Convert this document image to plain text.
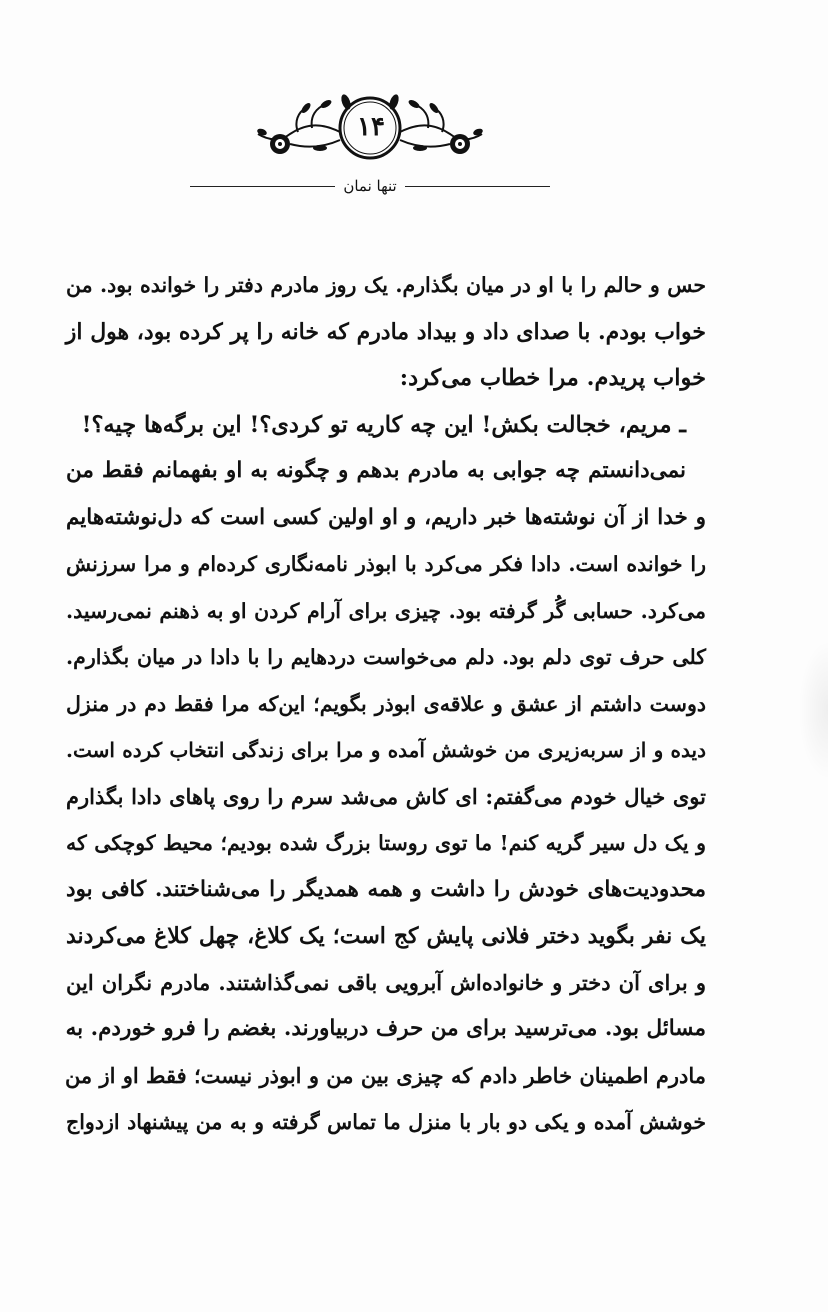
۱۴
تنها نمان
حس و حالم را با او در میان بگذارم. یک روز مادرم دفتر را خوانده بود. من
خواب بودم. با صدای داد و بیداد مادرم که خانه را پر کرده بود، هول از
خواب پریدم. مرا خطاب می‌کرد:
ـ مریم، خجالت بکش! این چه کاریه تو کردی؟! این برگه‌ها چیه؟!
نمی‌دانستم چه جوابی به مادرم بدهم و چگونه به او بفهمانم فقط من
و خدا از آن نوشته‌ها خبر داریم، و او اولین کسی است که دل‌نوشته‌هایم
را خوانده است. دادا فکر می‌کرد با ابوذر نامه‌نگاری کرده‌ام و مرا سرزنش
می‌کرد. حسابی گُر گرفته بود. چیزی برای آرام کردن او به ذهنم نمی‌رسید.
کلی حرف توی دلم بود. دلم می‌خواست دردهایم را با دادا در میان بگذارم.
دوست داشتم از عشق و علاقه‌ی ابوذر بگویم؛ این‌که مرا فقط دم در منزل
دیده و از سربه‌زیری من خوشش آمده و مرا برای زندگی انتخاب کرده است.
توی خیال خودم می‌گفتم: ای کاش می‌شد سرم را روی پاهای دادا بگذارم
و یک دل سیر گریه کنم! ما توی روستا بزرگ شده بودیم؛ محیط کوچکی که
محدودیت‌های خودش را داشت و همه همدیگر را می‌شناختند. کافی بود
یک نفر بگوید دختر فلانی پایش کج است؛ یک کلاغ، چهل کلاغ می‌کردند
و برای آن دختر و خانواده‌اش آبرویی باقی نمی‌گذاشتند. مادرم نگران این
مسائل بود. می‌ترسید برای من حرف دربیاورند. بغضم را فرو خوردم. به
مادرم اطمینان خاطر دادم که چیزی بین من و ابوذر نیست؛ فقط او از من
خوشش آمده و یکی دو بار با منزل ما تماس گرفته و به من پیشنهاد ازدواج
